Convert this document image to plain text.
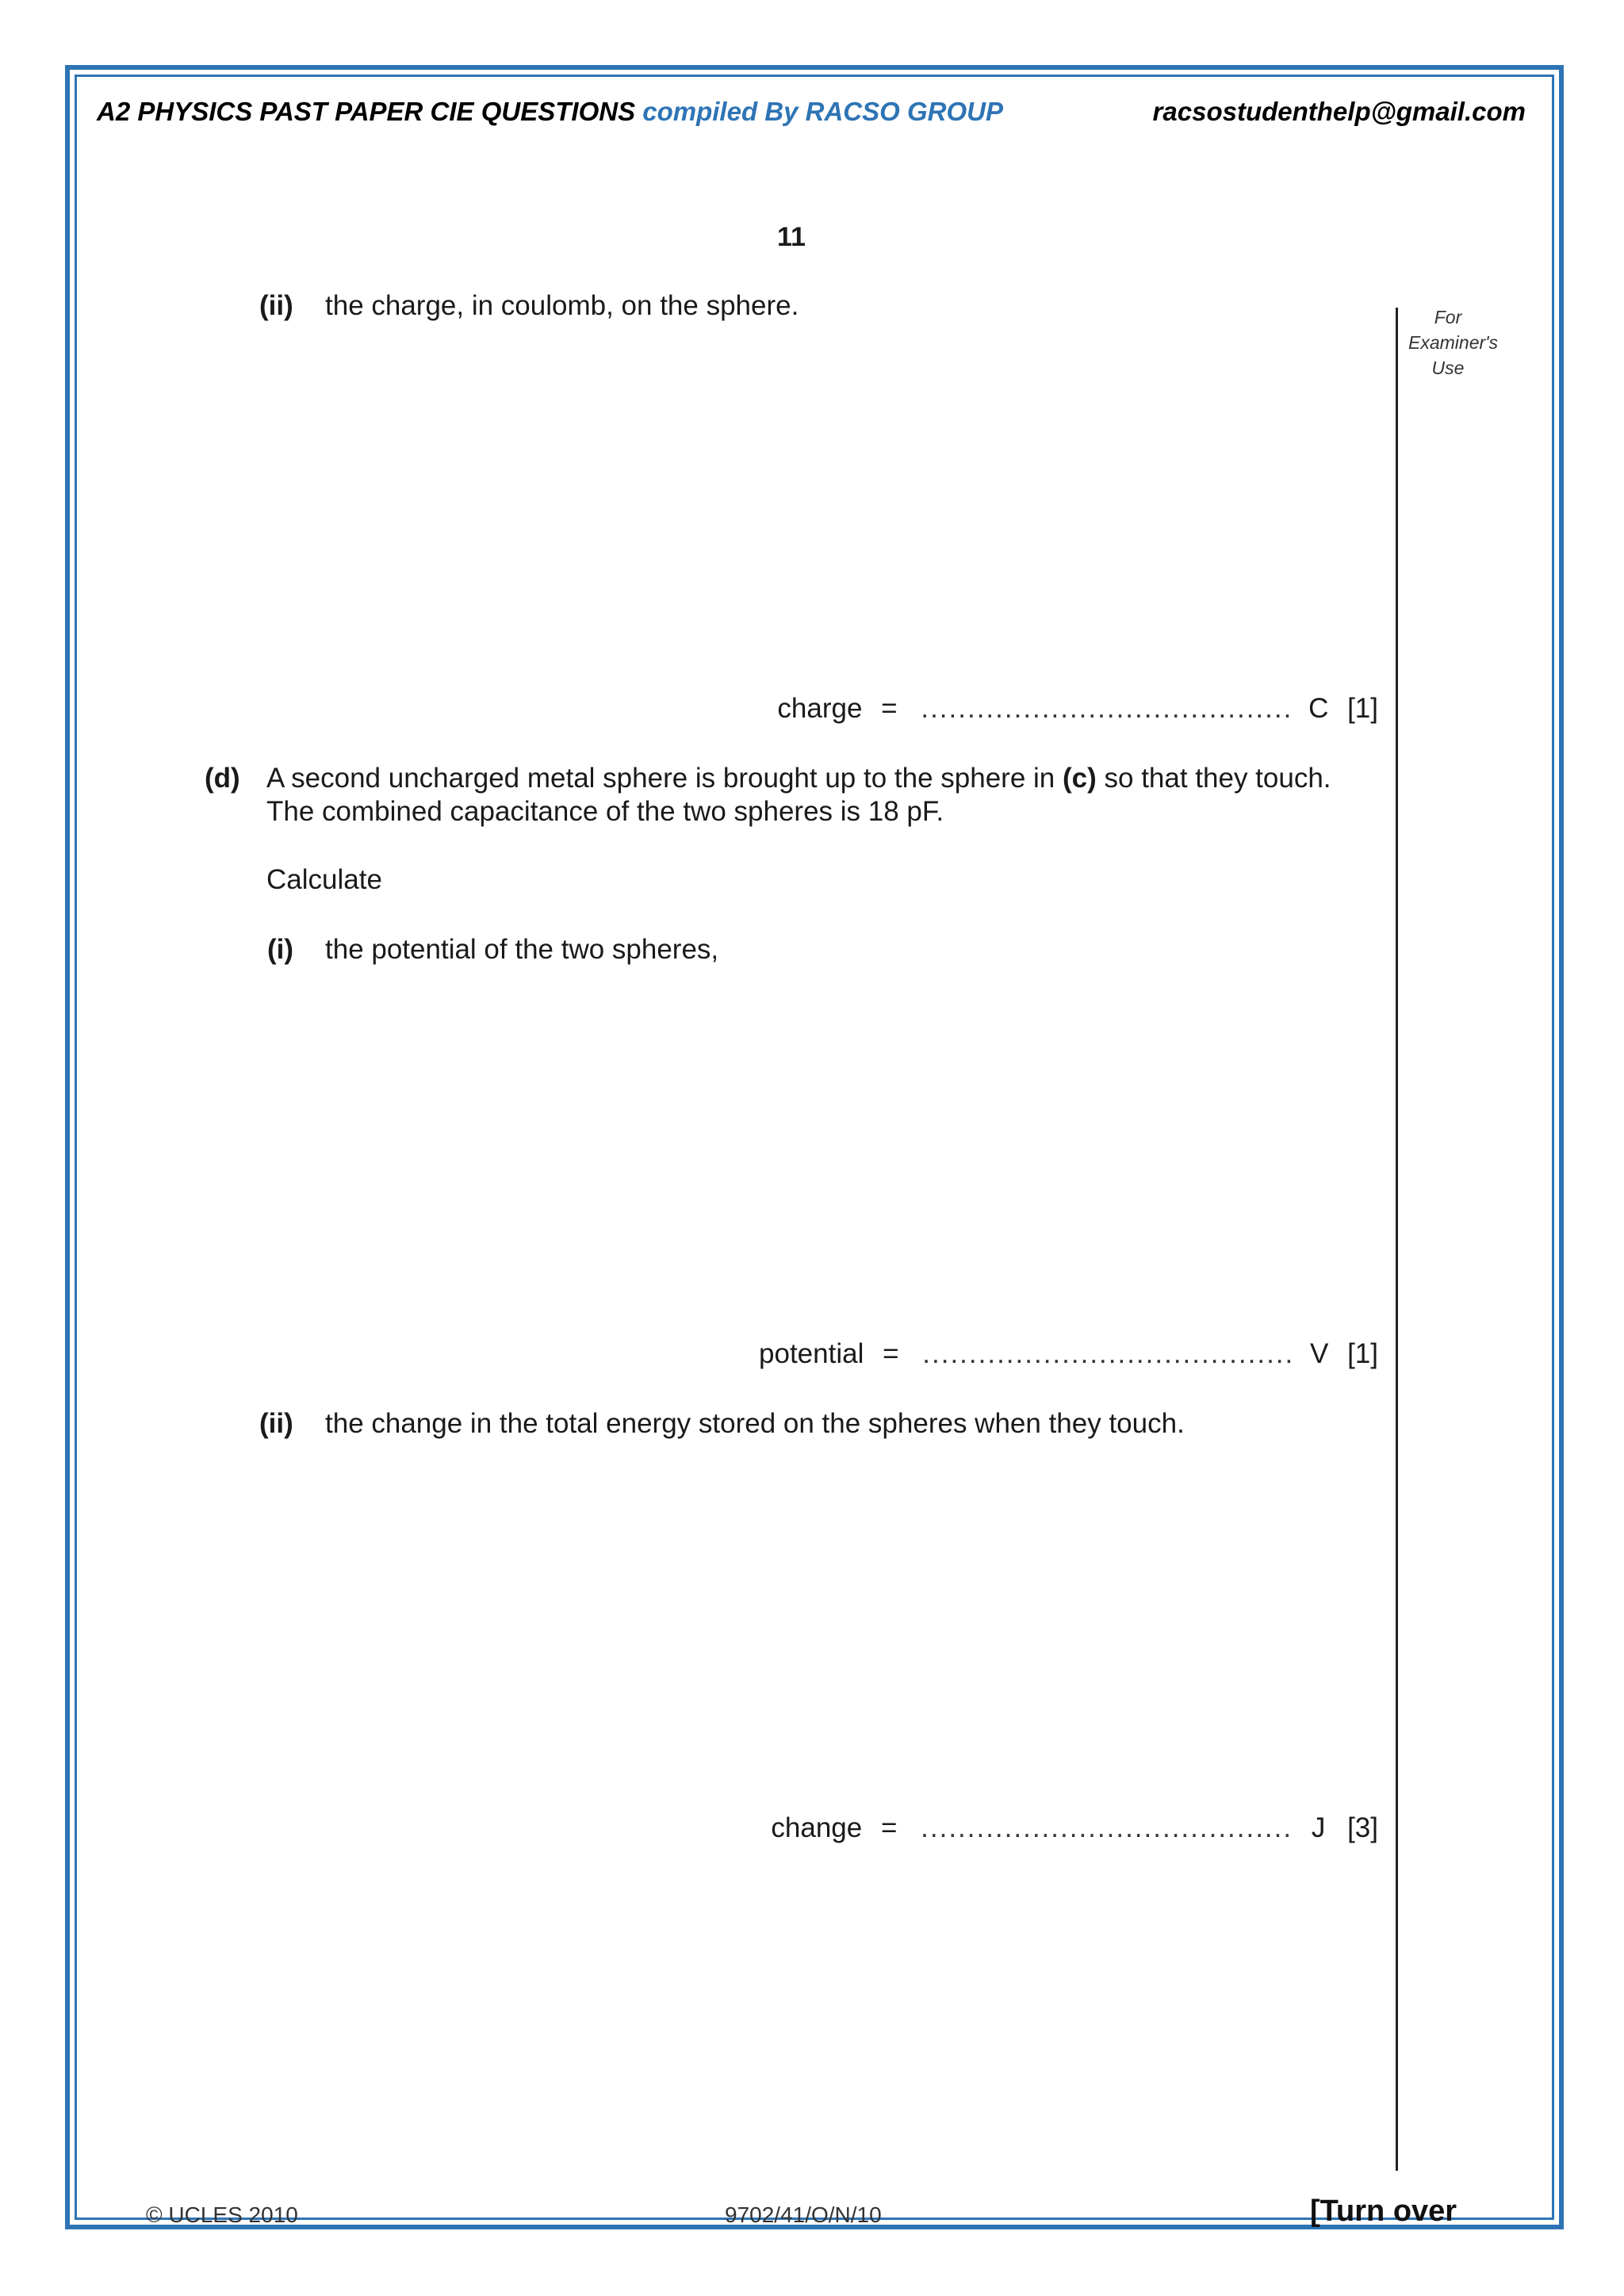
A2 PHYSICS PAST PAPER CIE QUESTIONS compiled By RACSO GROUP	racsostudenthelp@gmail.com
11
For
Examiner's
Use
(ii) the charge, in coulomb, on the sphere.
charge = ........................................ C [1]
(d) A second uncharged metal sphere is brought up to the sphere in (c) so that they touch.
The combined capacitance of the two spheres is 18 pF.
Calculate
(i) the potential of the two spheres,
potential = ........................................ V [1]
(ii) the change in the total energy stored on the spheres when they touch.
change = ........................................ J [3]
© UCLES 2010	9702/41/O/N/10	[Turn over
